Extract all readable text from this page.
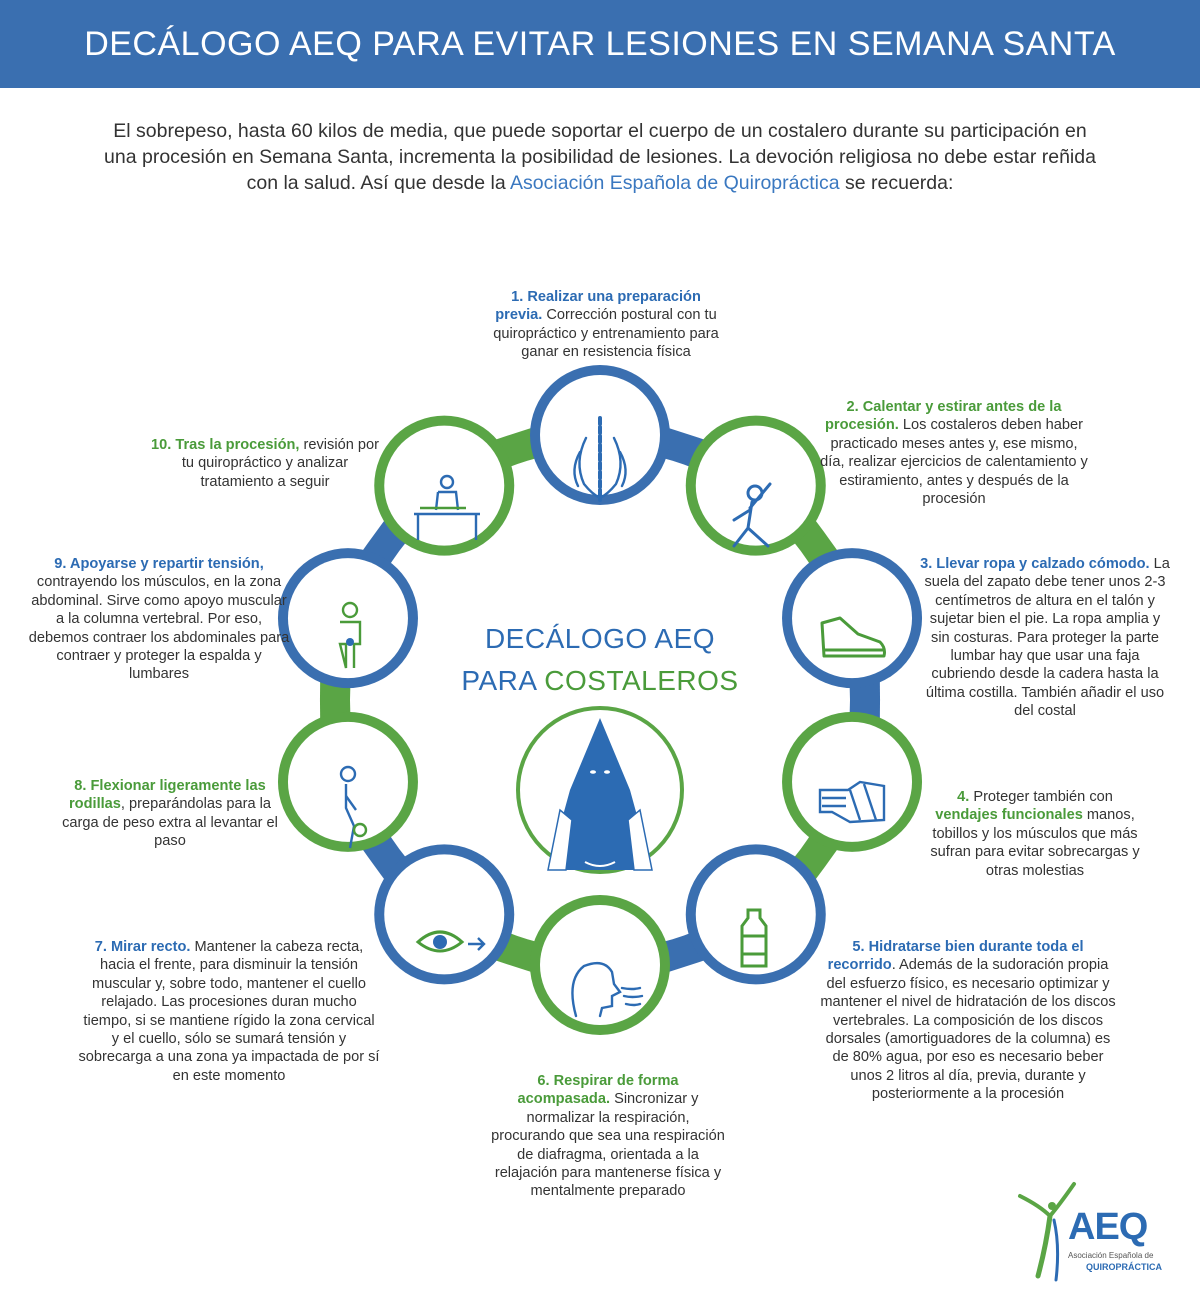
DECÁLOGO AEQ PARA EVITAR LESIONES EN SEMANA SANTA

El sobrepeso, hasta 60 kilos de media, que puede soportar el cuerpo de un costalero durante su participación en una procesión en Semana Santa, incrementa la posibilidad de lesiones. La devoción religiosa no debe estar reñida con la salud. Así que desde la Asociación Española de Quiropráctica se recuerda:

DECÁLOGO AEQ
PARA COSTALEROS
1. Realizar una preparación previa. Corrección postural con tu quiropráctico y entrenamiento para ganar en resistencia física
2. Calentar y estirar antes de la procesión. Los costaleros deben haber practicado meses antes y, ese mismo, día, realizar ejercicios de calentamiento y estiramiento, antes y después de la procesión
3. Llevar ropa y calzado cómodo. La suela del zapato debe tener unos 2-3 centímetros de altura en el talón y sujetar bien el pie. La ropa amplia y sin costuras. Para proteger la parte lumbar hay que usar una faja cubriendo desde la cadera hasta la última costilla. También añadir el uso del costal
4. Proteger también con vendajes funcionales manos, tobillos y los músculos que más sufran para evitar sobrecargas y otras molestias
5. Hidratarse bien durante toda el recorrido. Además de la sudoración propia del esfuerzo físico, es necesario optimizar y mantener el nivel de hidratación de los discos vertebrales. La composición de los discos dorsales (amortiguadores de la columna) es de 80% agua, por eso es necesario beber unos 2 litros al día, previa, durante y posteriormente a la procesión
6. Respirar de forma acompasada. Sincronizar y normalizar la respiración, procurando que sea una respiración de diafragma, orientada a la relajación para mantenerse física y mentalmente preparado
7. Mirar recto. Mantener la cabeza recta, hacia el frente, para disminuir la tensión muscular y, sobre todo, mantener el cuello relajado. Las procesiones duran mucho tiempo, si se mantiene rígido la zona cervical y el cuello, sólo se sumará tensión y sobrecarga a una zona ya impactada de por sí en este momento
8. Flexionar ligeramente las rodillas, preparándolas para la carga de peso extra al levantar el paso
9. Apoyarse y repartir tensión, contrayendo los músculos, en la zona abdominal. Sirve como apoyo muscular a la columna vertebral. Por eso, debemos contraer los abdominales para contraer y proteger la espalda y lumbares
10. Tras la procesión, revisión por tu quiropráctico y analizar tratamiento a seguir
AEQ
Asociación Española de
QUIROPRÁCTICA
